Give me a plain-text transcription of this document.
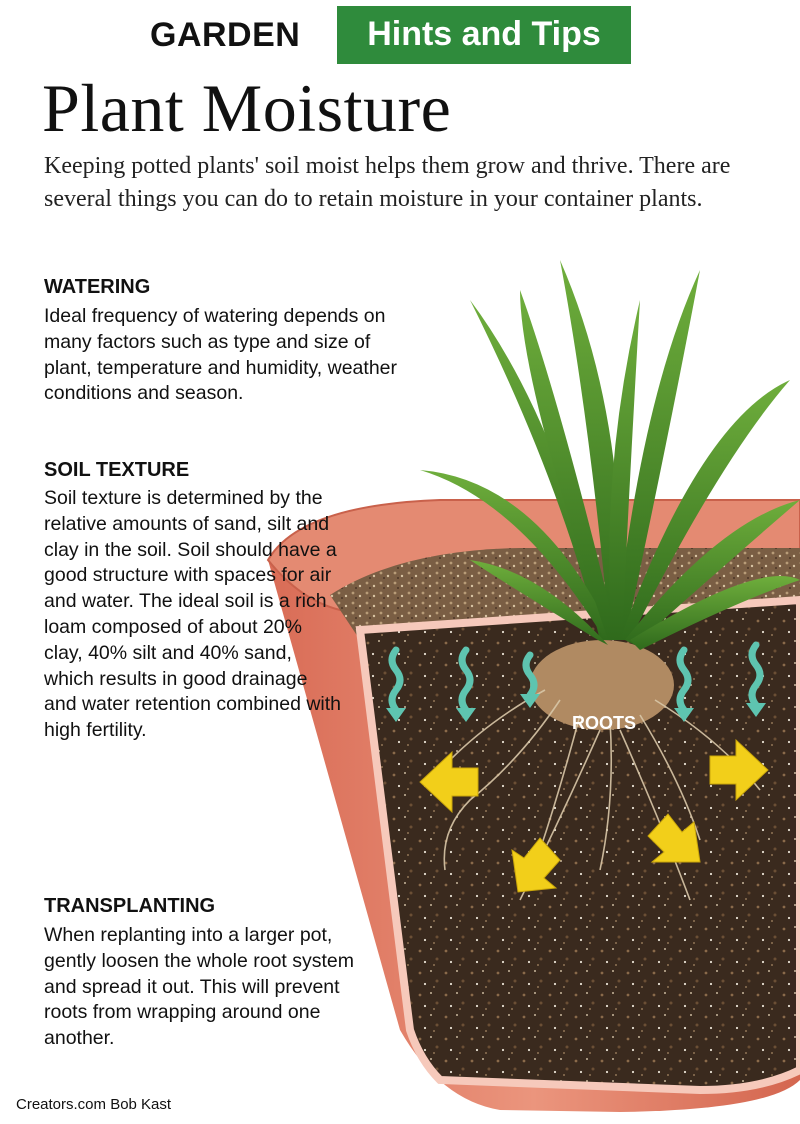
ROOTS
GARDEN	Hints and Tips
Plant Moisture

Keeping potted plants' soil moist helps them grow and thrive. There are several things you can do to retain moisture in your container plants.

WATERING

Ideal frequency of watering depends on many factors such as type and size of plant, temperature and humidity, weather conditions and season.

SOIL TEXTURE

Soil texture is determined by the relative amounts of sand, silt and clay in the soil. Soil should have a good structure with spaces for air and water. The ideal soil is a rich loam composed of about 20% clay, 40% silt and 40% sand, which results in good drainage and water retention combined with high fertility.

TRANSPLANTING

When replanting into a larger pot, gently loosen the whole root system and spread it out. This will prevent roots from wrapping around one another.

Creators.com Bob Kast
